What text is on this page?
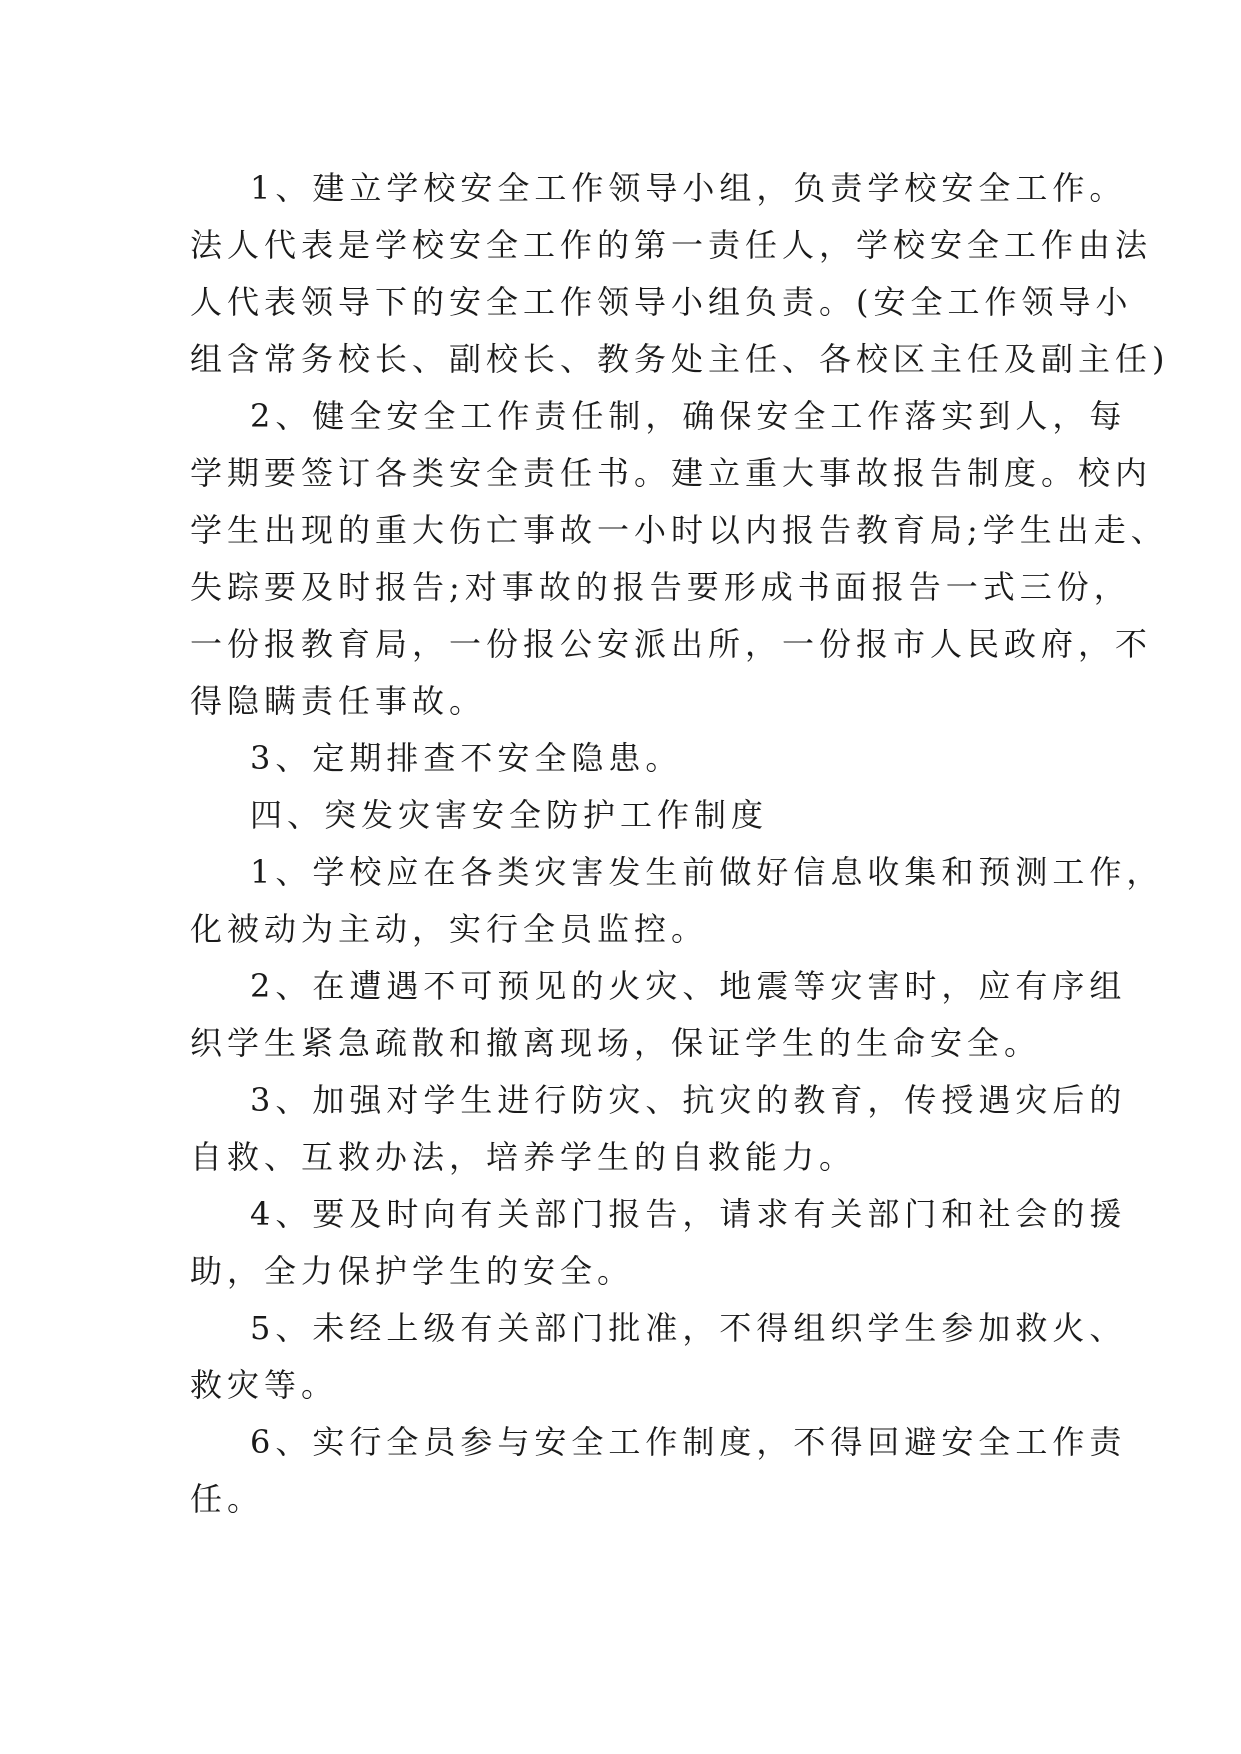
1、建立学校安全工作领导小组，负责学校安全工作。
法人代表是学校安全工作的第一责任人，学校安全工作由法
人代表领导下的安全工作领导小组负责。(安全工作领导小
组含常务校长、副校长、教务处主任、各校区主任及副主任)

2、健全安全工作责任制，确保安全工作落实到人，每
学期要签订各类安全责任书。建立重大事故报告制度。校内
学生出现的重大伤亡事故一小时以内报告教育局;学生出走、
失踪要及时报告;对事故的报告要形成书面报告一式三份，
一份报教育局，一份报公安派出所，一份报市人民政府，不
得隐瞒责任事故。

3、定期排查不安全隐患。

四、突发灾害安全防护工作制度

1、学校应在各类灾害发生前做好信息收集和预测工作，
化被动为主动，实行全员监控。

2、在遭遇不可预见的火灾、地震等灾害时，应有序组
织学生紧急疏散和撤离现场，保证学生的生命安全。

3、加强对学生进行防灾、抗灾的教育，传授遇灾后的
自救、互救办法，培养学生的自救能力。

4、要及时向有关部门报告，请求有关部门和社会的援
助，全力保护学生的安全。

5、未经上级有关部门批准，不得组织学生参加救火、
救灾等。

6、实行全员参与安全工作制度，不得回避安全工作责
任。
